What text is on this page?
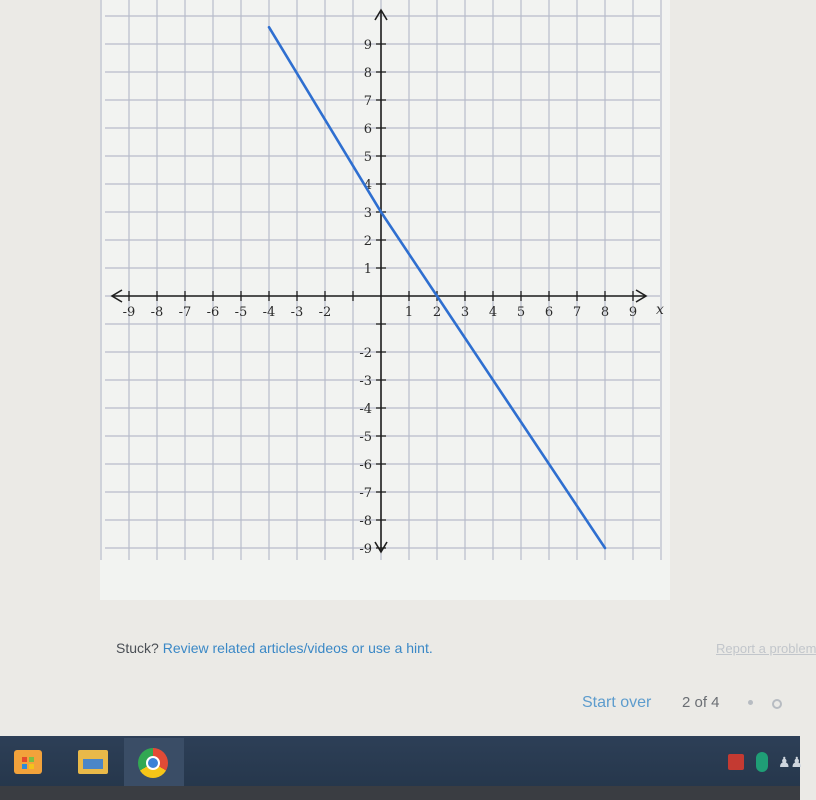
-9 -8 -7 -6 -5 -4 -3 -2	1 2 3 4 5 6 7 8 9
9
8
7
6
5
4
3
2
1
-2
-3
-4
-5
-6
-7
-8
-9
x
Stuck? Review related articles/videos or use a hint.	Report a problem
Start over 2 of 4
♟♟
